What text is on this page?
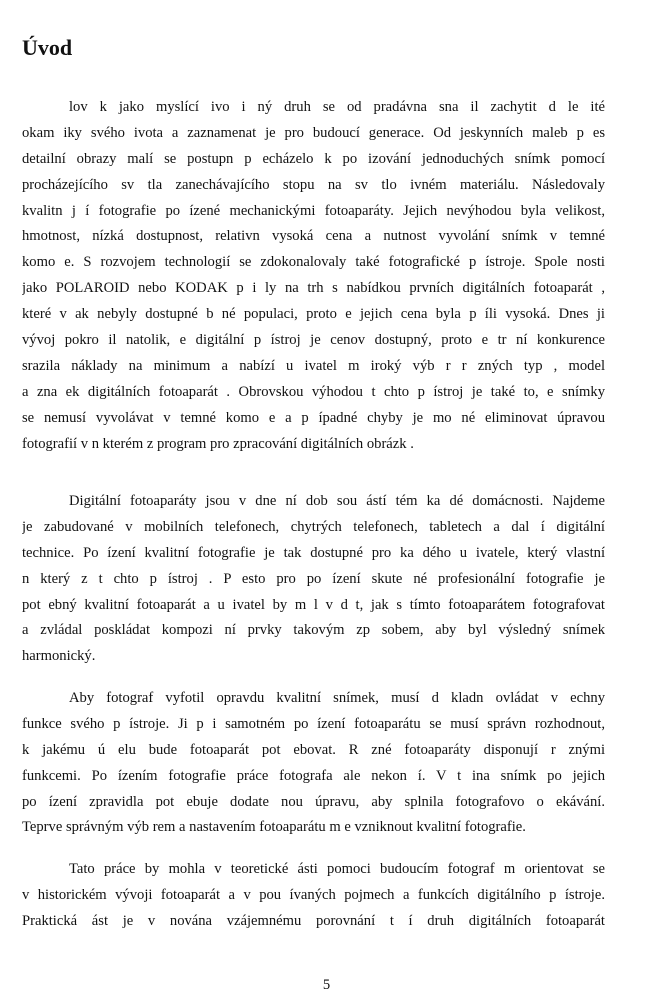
Úvod
lov k jako myslící ivo i ný druh se od pradávna sna il zachytit d le ité
okam iky svého ivota a zaznamenat je pro budoucí generace. Od jeskynních maleb p es
detailní obrazy malí se postupn p echázelo k po izování jednoduchých snímk pomocí
procházejícího sv tla zanechávajícího stopu na sv tlo ivném materiálu. Následovaly
kvalitn j í fotografie po ízené mechanickými fotoaparáty. Jejich nevýhodou byla velikost,
hmotnost, nízká dostupnost, relativn vysoká cena a nutnost vyvolání snímk v temné
komo e. S rozvojem technologií se zdokonalovaly také fotografické p ístroje. Spole nosti
jako POLAROID nebo KODAK p i ly na trh s nabídkou prvních digitálních fotoaparát ,
které v ak nebyly dostupné b né populaci, proto e jejich cena byla p íli vysoká. Dnes ji
vývoj pokro il natolik, e digitální p ístroj je cenov dostupný, proto e tr ní konkurence
srazila náklady na minimum a nabízí u ivatel m iroký výb r r zných typ , model
a zna ek digitálních fotoaparát . Obrovskou výhodou t chto p ístroj je také to, e snímky
se nemusí vyvolávat v temné komo e a p ípadné chyby je mo né eliminovat úpravou
fotografií v n kterém z program pro zpracování digitálních obrázk .
Digitální fotoaparáty jsou v dne ní dob sou ástí tém ka dé domácnosti. Najdeme
je zabudované v mobilních telefonech, chytrých telefonech, tabletech a dal í digitální
technice. Po ízení kvalitní fotografie je tak dostupné pro ka dého u ivatele, který vlastní
n který z t chto p ístroj . P esto pro po ízení skute né profesionální fotografie je
pot ebný kvalitní fotoaparát a u ivatel by m l v d t, jak s tímto fotoaparátem fotografovat
a zvládal poskládat kompozi ní prvky takovým zp sobem, aby byl výsledný snímek
harmonický.
Aby fotograf vyfotil opravdu kvalitní snímek, musí d kladn ovládat v echny
funkce svého p ístroje. Ji p i samotném po ízení fotoaparátu se musí správn rozhodnout,
k jakému ú elu bude fotoaparát pot ebovat. R zné fotoaparáty disponují r znými
funkcemi. Po ízením fotografie práce fotografa ale nekon í. V t ina snímk po jejich
po ízení zpravidla pot ebuje dodate nou úpravu, aby splnila fotografovo o ekávání.
Teprve správným výb rem a nastavením fotoaparátu m e vzniknout kvalitní fotografie.
Tato práce by mohla v teoretické ásti pomoci budoucím fotograf m orientovat se
v historickém vývoji fotoaparát a v pou ívaných pojmech a funkcích digitálního p ístroje.
Praktická ást je v nována vzájemnému porovnání t í druh digitálních fotoaparát
5
